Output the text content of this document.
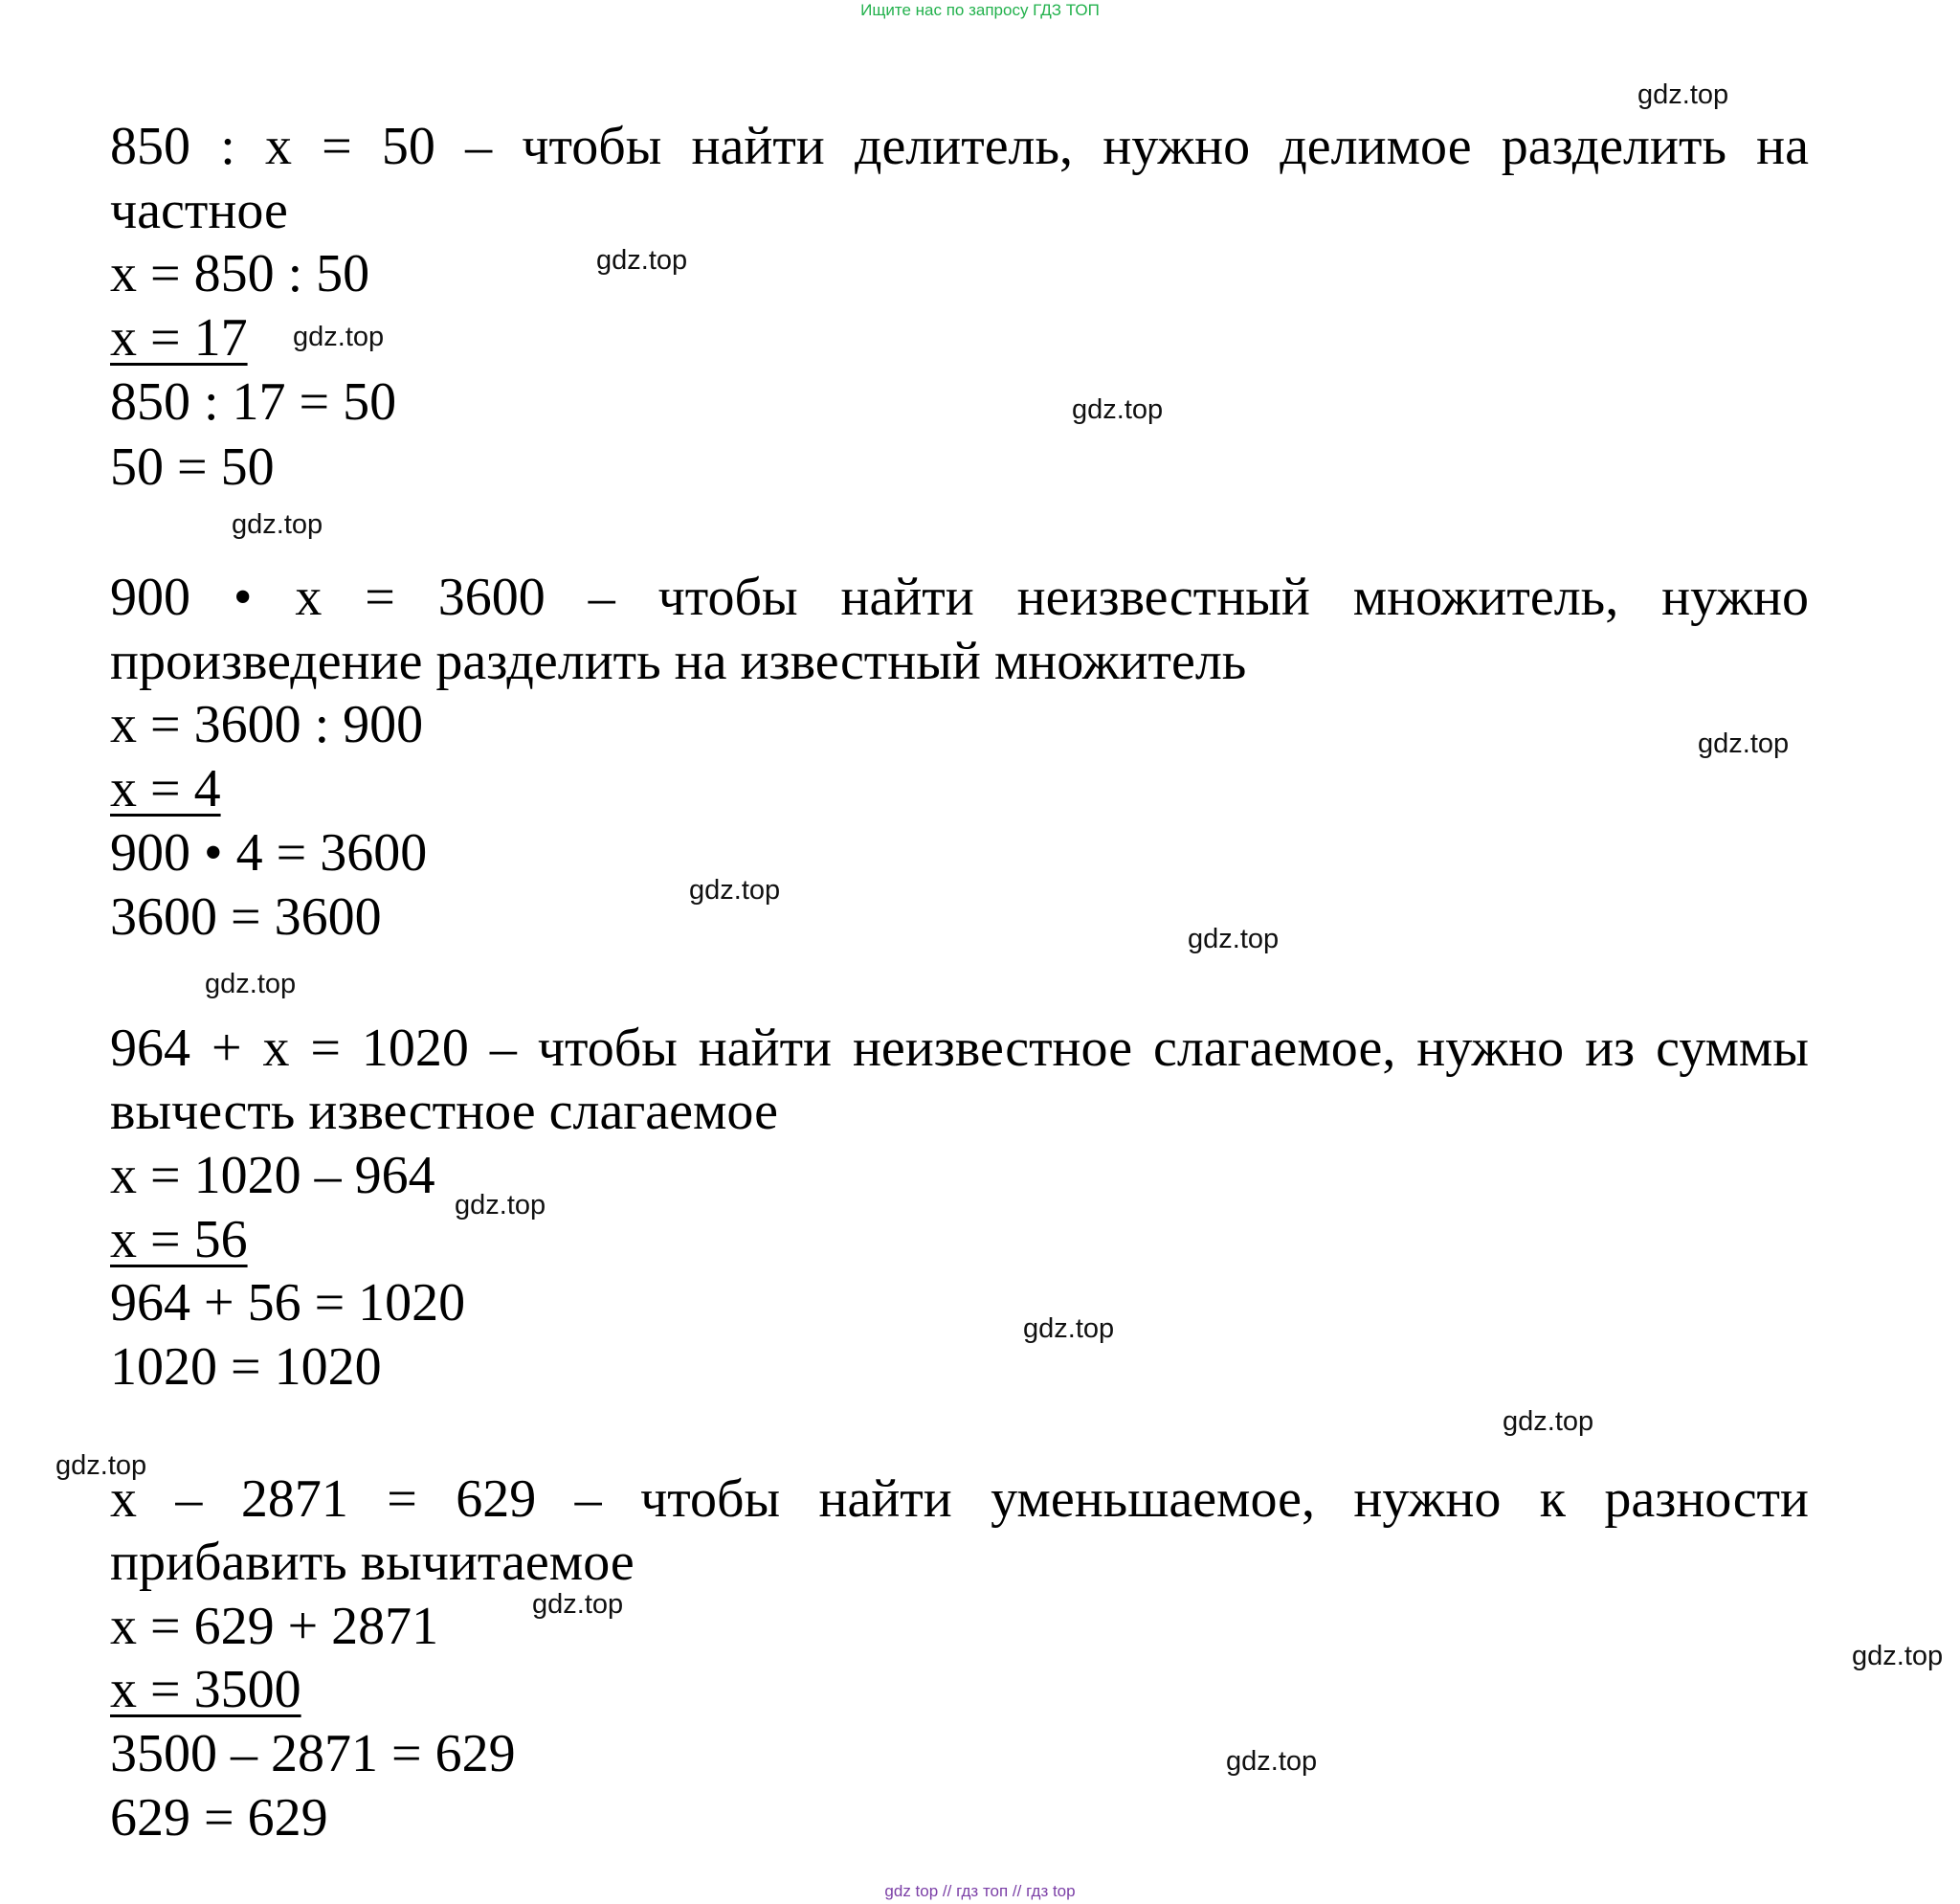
Ищите нас по запросу ГДЗ ТОП
850 : x = 50 – чтобы найти делитель, нужно делимое разделить на
частное
x = 850 : 50
x = 17
850 : 17 = 50
50 = 50
900 • x = 3600 – чтобы найти неизвестный множитель, нужно
произведение разделить на известный множитель
x = 3600 : 900
x = 4
900 • 4 = 3600
3600 = 3600
964 + x = 1020 – чтобы найти неизвестное слагаемое, нужно из суммы
вычесть известное слагаемое
x = 1020 – 964
x = 56
964 + 56 = 1020
1020 = 1020
x – 2871 = 629 – чтобы найти уменьшаемое, нужно к разности
прибавить вычитаемое
x = 629 + 2871
x = 3500
3500 – 2871 = 629
629 = 629
gdz.top
gdz.top
gdz.top
gdz.top
gdz.top
gdz.top
gdz.top
gdz.top
gdz.top
gdz.top
gdz.top
gdz.top
gdz.top
gdz.top
gdz.top
gdz.top
gdz top // гдз топ // гдз top
